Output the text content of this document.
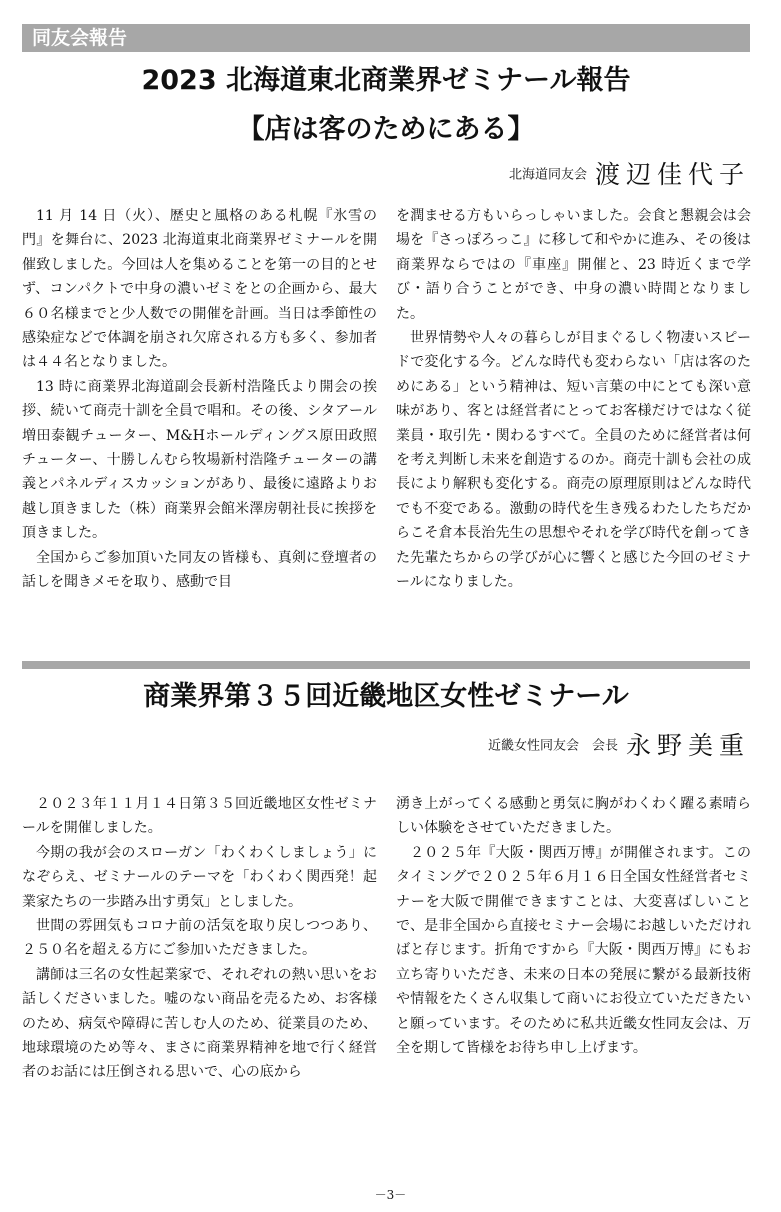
同友会報告
2023 北海道東北商業界ゼミナール報告
【店は客のためにある】
北海道同友会 渡辺佳代子

11 月 14 日（火）、歴史と風格のある札幌『氷雪の門』を舞台に、2023 北海道東北商業界ゼミナールを開催致しました。今回は人を集めることを第一の目的とせず、コンパクトで中身の濃いゼミをとの企画から、最大６０名様までと少人数での開催を計画。当日は季節性の感染症などで体調を崩され欠席される方も多く、参加者は４４名となりました。

13 時に商業界北海道副会長新村浩隆氏より開会の挨拶、続いて商売十訓を全員で唱和。その後、シタアール増田泰観チューター、M&Hホールディングス原田政照チューター、十勝しんむら牧場新村浩隆チューターの講義とパネルディスカッションがあり、最後に遠路よりお越し頂きました（株）商業界会館米澤房朝社長に挨拶を頂きました。

全国からご参加頂いた同友の皆様も、真剣に登壇者の話しを聞きメモを取り、感動で目

を潤ませる方もいらっしゃいました。会食と懇親会は会場を『さっぽろっこ』に移して和やかに進み、その後は商業界ならではの『車座』開催と、23 時近くまで学び・語り合うことができ、中身の濃い時間となりました。

世界情勢や人々の暮らしが目まぐるしく物凄いスピードで変化する今。どんな時代も変わらない「店は客のためにある」という精神は、短い言葉の中にとても深い意味があり、客とは経営者にとってお客様だけではなく従業員・取引先・関わるすべて。全員のために経営者は何を考え判断し未来を創造するのか。商売十訓も会社の成長により解釈も変化する。商売の原理原則はどんな時代でも不変である。激動の時代を生き残るわたしたちだからこそ倉本長治先生の思想やそれを学び時代を創ってきた先輩たちからの学びが心に響くと感じた今回のゼミナールになりました。

商業界第３５回近畿地区女性ゼミナール
近畿女性同友会　会長 永野美重

２０２３年１１月１４日第３５回近畿地区女性ゼミナールを開催しました。

今期の我が会のスローガン「わくわくしましょう」になぞらえ、ゼミナールのテーマを「わくわく関西発！起業家たちの一歩踏み出す勇気」としました。

世間の雰囲気もコロナ前の活気を取り戻しつつあり、２５０名を超える方にご参加いただきました。

講師は三名の女性起業家で、それぞれの熱い思いをお話しくださいました。嘘のない商品を売るため、お客様のため、病気や障碍に苦しむ人のため、従業員のため、地球環境のため等々、まさに商業界精神を地で行く経営者のお話には圧倒される思いで、心の底から

湧き上がってくる感動と勇気に胸がわくわく躍る素晴らしい体験をさせていただきました。

２０２５年『大阪・関西万博』が開催されます。このタイミングで２０２５年６月１６日全国女性経営者セミナーを大阪で開催できますことは、大変喜ばしいことで、是非全国から直接セミナー会場にお越しいただければと存じます。折角ですから『大阪・関西万博』にもお立ち寄りいただき、未来の日本の発展に繋がる最新技術や情報をたくさん収集して商いにお役立ていただきたいと願っています。そのために私共近畿女性同友会は、万全を期して皆様をお待ち申し上げます。

－3－
